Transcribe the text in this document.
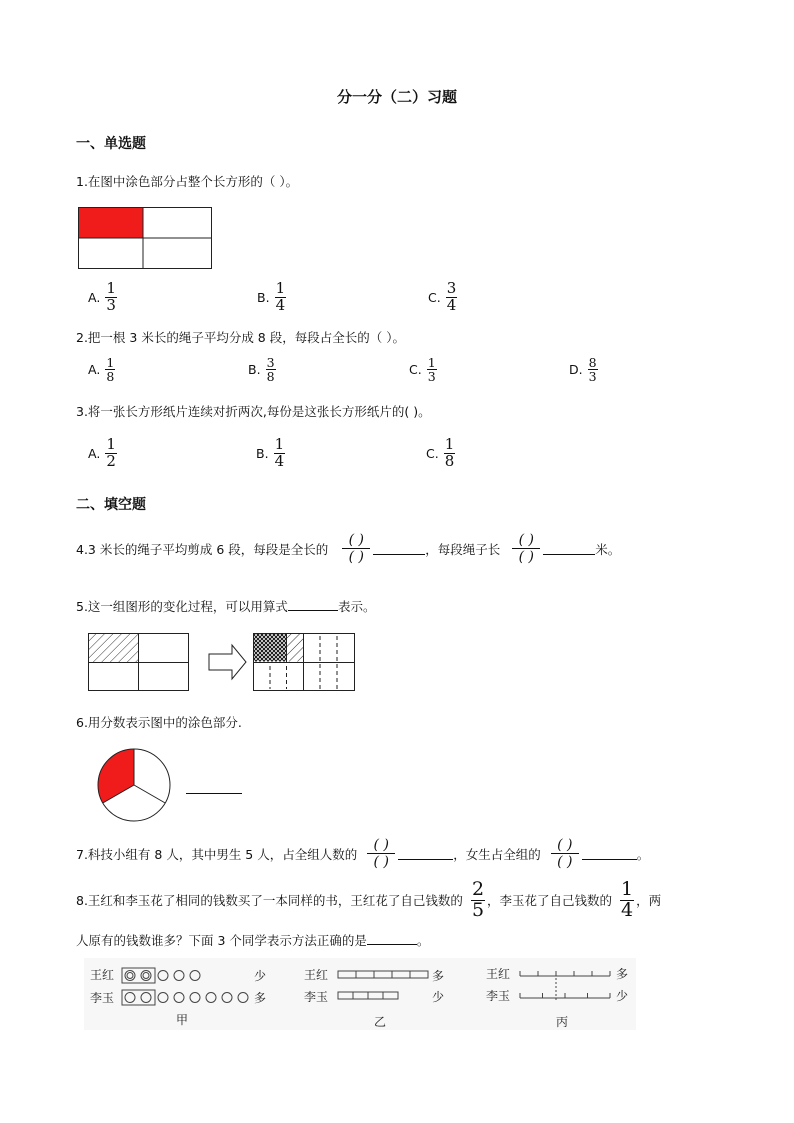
分一分（二）习题
一、单选题
1.在图中涂色部分占整个长方形的（ ）。
A. $\frac{1}{3}$	B. $\frac{1}{4}$	C. $\frac{3}{4}$
2.把一根 3 米长的绳子平均分成 8 段，每段占全长的（ ）。
A. $\frac{1}{8}$	B. $\frac{3}{8}$	C. $\frac{1}{3}$	D. $\frac{8}{3}$
3.将一张长方形纸片连续对折两次,每份是这张长方形纸片的( )。
A. $\frac{1}{2}$	B. $\frac{1}{4}$	C. $\frac{1}{8}$
二、填空题
4.3 米长的绳子平均剪成 6 段，每段是全长的
( )
( )	，每段绳子长
( )
( )	米。
5.这一组图形的变化过程，可以用算式	表示。
6.用分数表示图中的涂色部分.
7.科技小组有 8 人，其中男生 5 人，占全组人数的
( )
( )	，女生占全组的
( )
( )	。
8.王红和李玉花了相同的钱数买了一本同样的书，王红花了自己钱数的 $\frac{2}{5}$ ，李玉花了自己钱数的 $\frac{1}{4}$ ，两
人原有的钱数谁多？下面 3 个同学表示方法正确的是	。
王红
李玉
少
多
甲
王红
李玉
多
少
乙
王红
李玉
多
少
丙
